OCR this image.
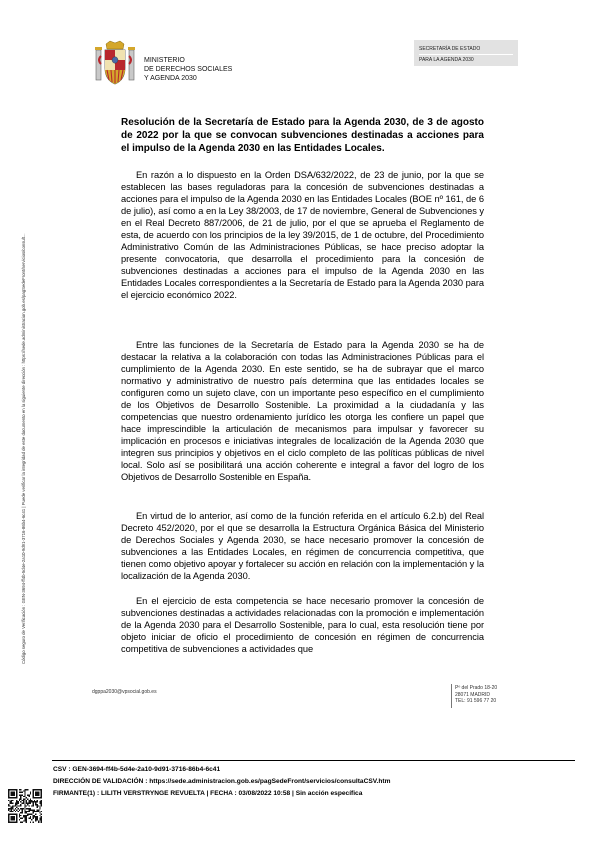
Código seguro de Verificación : GEN-3694-ff4b-5d4e-2a10-9d91-3716-86b4-6c41 | Puede verificar la integridad de este documento en la siguiente dirección : https://sede.administracion.gob.es/pagSedeFront/servicios/consult...
MINISTERIO
DE DERECHOS SOCIALES
Y AGENDA 2030
SECRETARÍA DE ESTADO
PARA LA AGENDA 2030
Resolución de la Secretaría de Estado para la Agenda 2030, de 3 de agosto de 2022 por la que se convocan subvenciones destinadas a acciones para el impulso de la Agenda 2030 en las Entidades Locales.

En razón a lo dispuesto en la Orden DSA/632/2022, de 23 de junio, por la que se establecen las bases reguladoras para la concesión de subvenciones destinadas a acciones para el impulso de la Agenda 2030 en las Entidades Locales (BOE nº 161, de 6 de julio), así como a en la Ley 38/2003, de 17 de noviembre, General de Subvenciones y en el Real Decreto 887/2006, de 21 de julio, por el que se aprueba el Reglamento de esta, de acuerdo con los principios de la ley 39/2015, de 1 de octubre, del Procedimiento Administrativo Común de las Administraciones Públicas, se hace preciso adoptar la presente convocatoria, que desarrolla el procedimiento para la concesión de subvenciones destinadas a acciones para el impulso de la Agenda 2030 en las Entidades Locales correspondientes a la Secretaría de Estado para la Agenda 2030 para el ejercicio económico 2022.

Entre las funciones de la Secretaría de Estado para la Agenda 2030 se ha de destacar la relativa a la colaboración con todas las Administraciones Públicas para el cumplimiento de la Agenda 2030. En este sentido, se ha de subrayar que el marco normativo y administrativo de nuestro país determina que las entidades locales se configuren como un sujeto clave, con un importante peso específico en el cumplimiento de los Objetivos de Desarrollo Sostenible. La proximidad a la ciudadanía y las competencias que nuestro ordenamiento jurídico les otorga les confiere un papel que hace imprescindible la articulación de mecanismos para impulsar y favorecer su implicación en procesos e iniciativas integrales de localización de la Agenda 2030 que integren sus principios y objetivos en el ciclo completo de las políticas públicas de nivel local. Solo así se posibilitará una acción coherente e integral a favor del logro de los Objetivos de Desarrollo Sostenible en España.

En virtud de lo anterior, así como de la función referida en el artículo 6.2.b) del Real Decreto 452/2020, por el que se desarrolla la Estructura Orgánica Básica del Ministerio de Derechos Sociales y Agenda 2030, se hace necesario promover la concesión de subvenciones a las Entidades Locales, en régimen de concurrencia competitiva, que tienen como objetivo apoyar y fortalecer su acción en relación con la implementación y la localización de la Agenda 2030.

En el ejercicio de esta competencia se hace necesario promover la concesión de subvenciones destinadas a actividades relacionadas con la promoción e implementación de la Agenda 2030 para el Desarrollo Sostenible, para lo cual, esta resolución tiene por objeto iniciar de oficio el procedimiento de concesión en régimen de concurrencia competitiva de subvenciones a actividades que

dgppa2030@vpsocial.gob.es
Pº del Prado 18-20
28071 MADRID
TEL: 91 596 77 20
CSV : GEN-3694-ff4b-5d4e-2a10-9d91-3716-86b4-6c41
DIRECCIÓN DE VALIDACIÓN : https://sede.administracion.gob.es/pagSedeFront/servicios/consultaCSV.htm
FIRMANTE(1) : LILITH VERSTRYNGE REVUELTA | FECHA : 03/08/2022 10:58 | Sin acción específica
